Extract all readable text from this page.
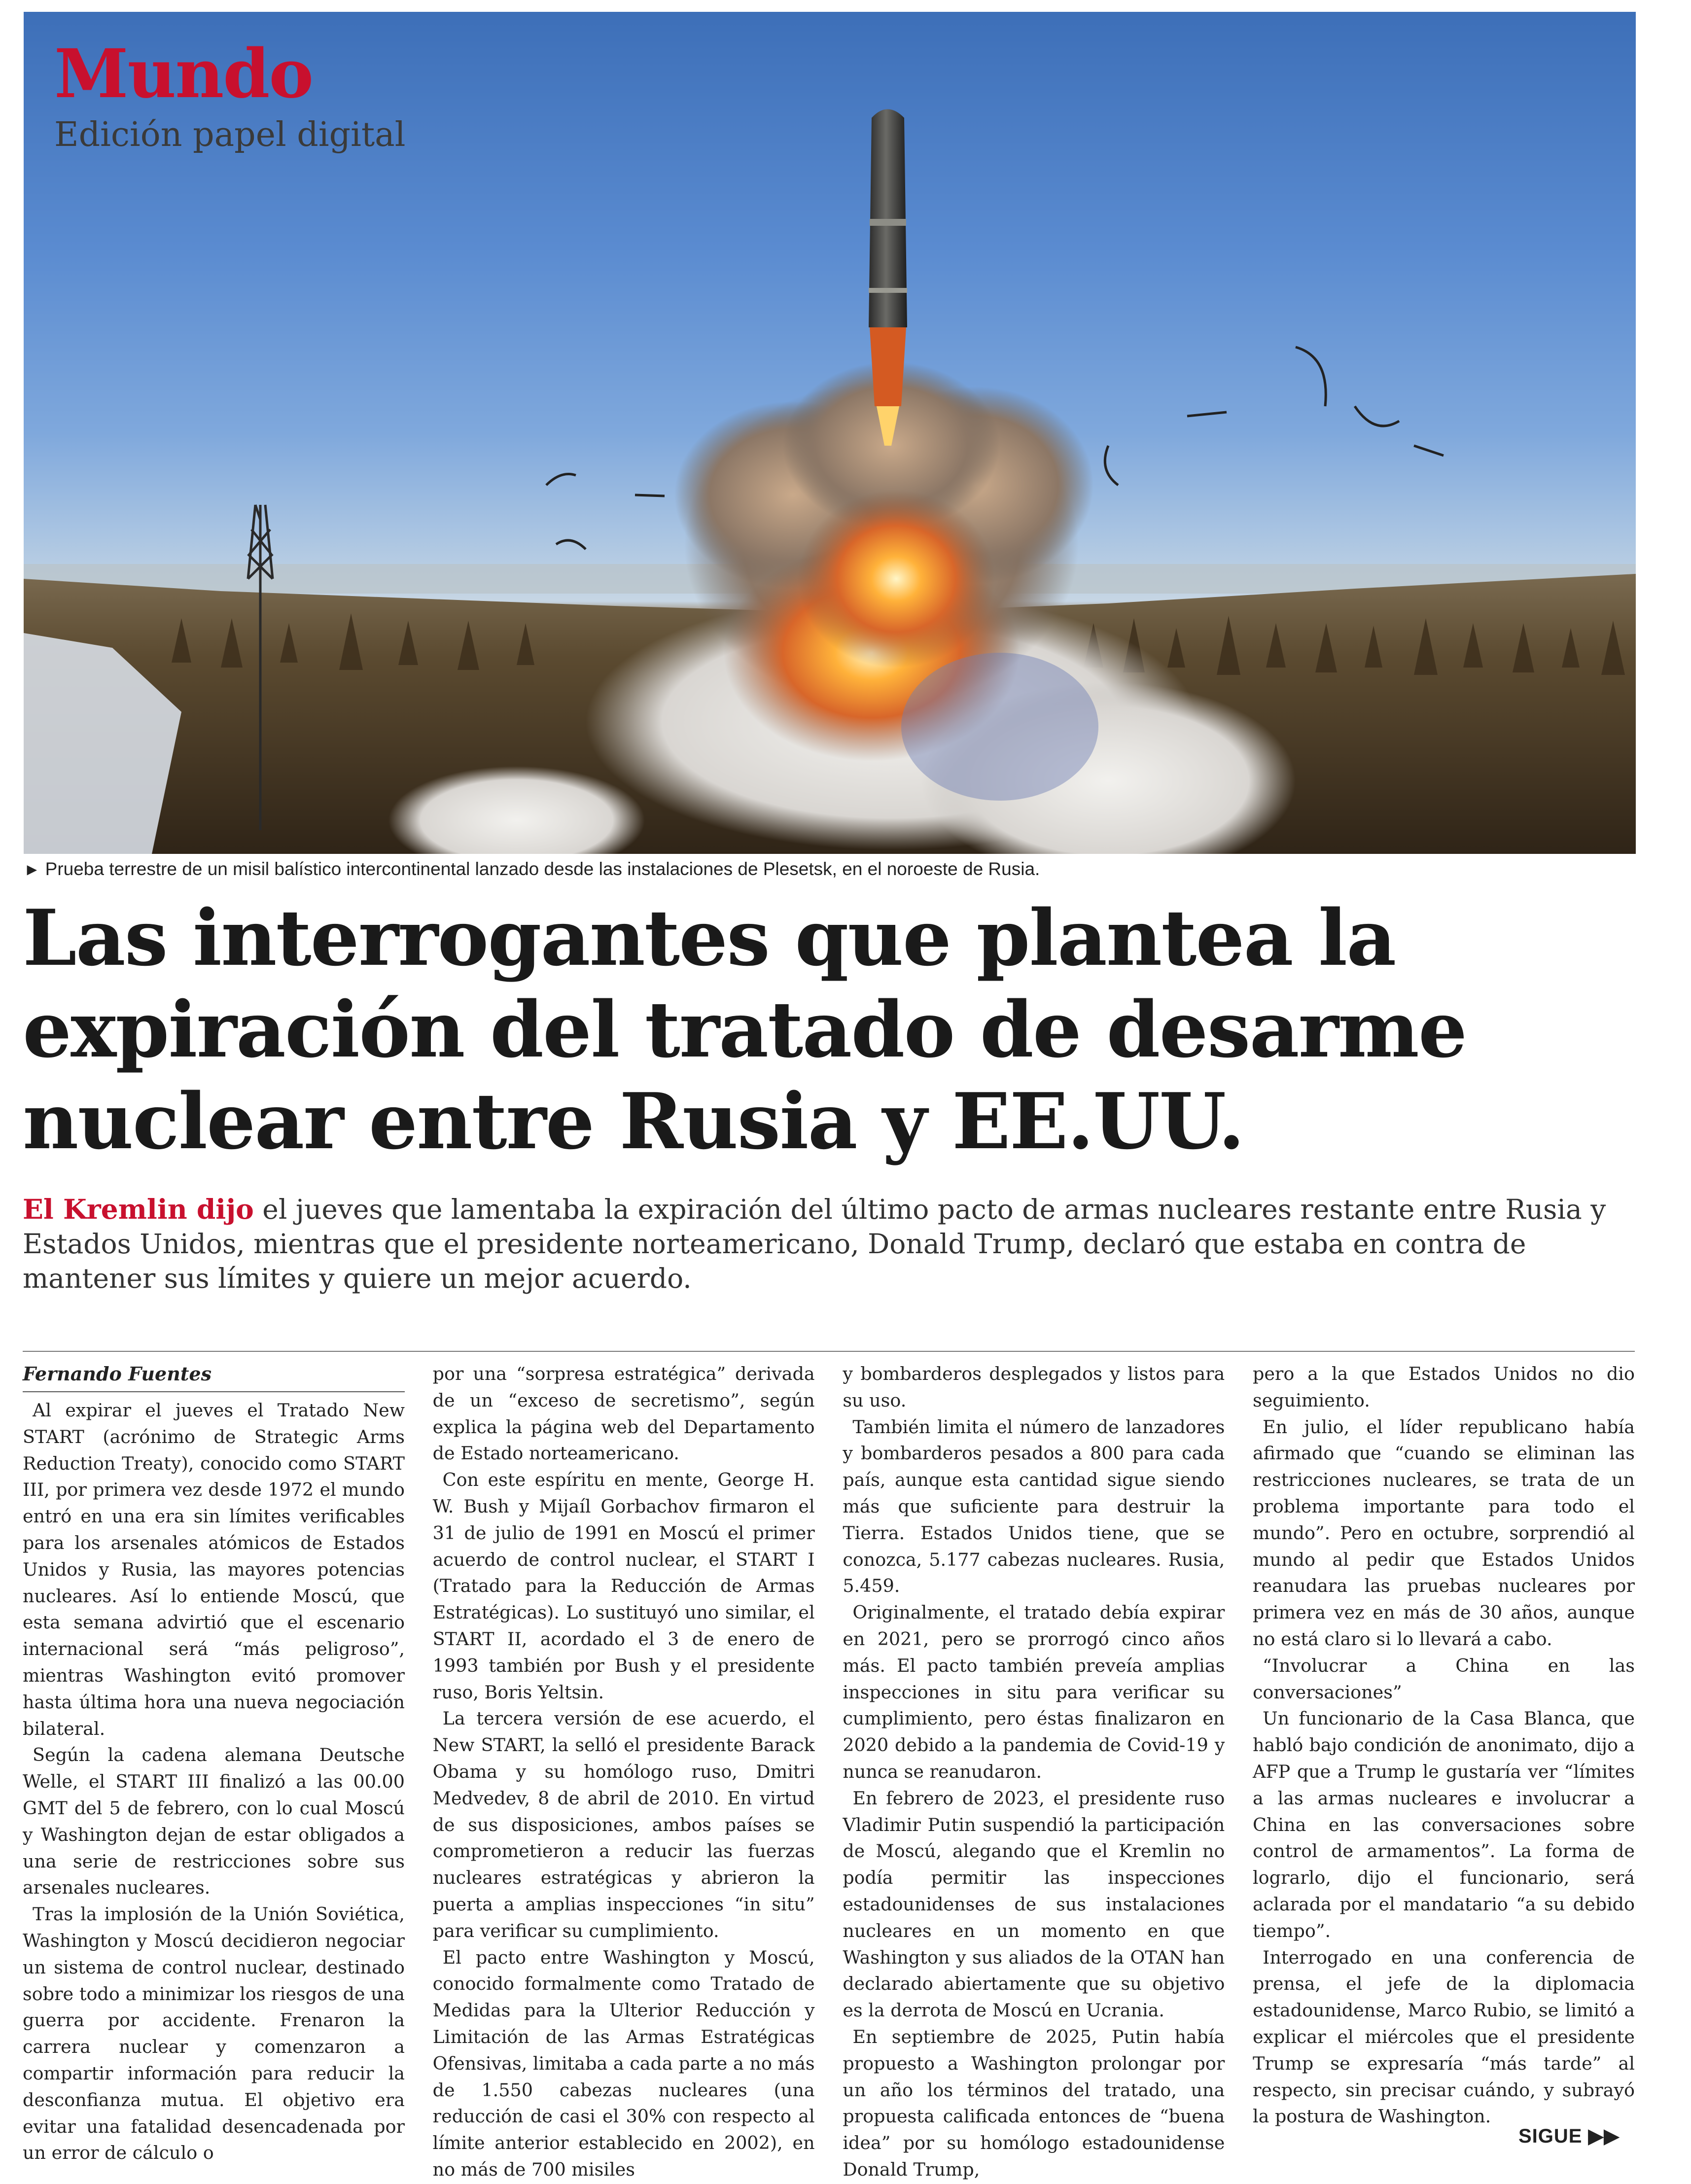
Mundo

Edición papel digital

► Prueba terrestre de un misil balístico intercontinental lanzado desde las instalaciones de Plesetsk, en el noroeste de Rusia.
Las interrogantes que plantea la expiración del tratado de desarme nuclear entre Rusia y EE.UU.

El Kremlin dijo el jueves que lamentaba la expiración del último pacto de armas nucleares restante entre Rusia y Estados Unidos, mientras que el presidente norteamericano, Donald Trump, declaró que estaba en contra de mantener sus límites y quiere un mejor acuerdo.

Fernando Fuentes

Al expirar el jueves el Tratado New START (acrónimo de Strategic Arms Reduction Treaty), conocido como START III, por primera vez desde 1972 el mundo entró en una era sin límites verificables para los arsenales atómicos de Estados Unidos y Rusia, las mayores potencias nucleares. Así lo entiende Moscú, que esta semana advirtió que el escenario internacional será “más peligroso”, mientras Washington evitó promover hasta última hora una nueva negociación bilateral.

Según la cadena alemana Deutsche Welle, el START III finalizó a las 00.00 GMT del 5 de febrero, con lo cual Moscú y Washington dejan de estar obligados a una serie de restricciones sobre sus arsenales nucleares.

Tras la implosión de la Unión Soviética, Washington y Moscú decidieron negociar un sistema de control nuclear, destinado sobre todo a minimizar los riesgos de una guerra por accidente. Frenaron la carrera nuclear y comenzaron a compartir información para reducir la desconfianza mutua. El objetivo era evitar una fatalidad desencadenada por un error de cálculo o

por una “sorpresa estratégica” derivada de un “exceso de secretismo”, según explica la página web del Departamento de Estado norteamericano.

Con este espíritu en mente, George H. W. Bush y Mijaíl Gorbachov firmaron el 31 de julio de 1991 en Moscú el primer acuerdo de control nuclear, el START I (Tratado para la Reducción de Armas Estratégicas). Lo sustituyó uno similar, el START II, acordado el 3 de enero de 1993 también por Bush y el presidente ruso, Boris Yeltsin.

La tercera versión de ese acuerdo, el New START, la selló el presidente Barack Obama y su homólogo ruso, Dmitri Medvedev, 8 de abril de 2010. En virtud de sus disposiciones, ambos países se comprometieron a reducir las fuerzas nucleares estratégicas y abrieron la puerta a amplias inspecciones “in situ” para verificar su cumplimiento.

El pacto entre Washington y Moscú, conocido formalmente como Tratado de Medidas para la Ulterior Reducción y Limitación de las Armas Estratégicas Ofensivas, limitaba a cada parte a no más de 1.550 cabezas nucleares (una reducción de casi el 30% con respecto al límite anterior establecido en 2002), en no más de 700 misiles

y bombarderos desplegados y listos para su uso.

También limita el número de lanzadores y bombarderos pesados a 800 para cada país, aunque esta cantidad sigue siendo más que suficiente para destruir la Tierra. Estados Unidos tiene, que se conozca, 5.177 cabezas nucleares. Rusia, 5.459.

Originalmente, el tratado debía expirar en 2021, pero se prorrogó cinco años más. El pacto también preveía amplias inspecciones in situ para verificar su cumplimiento, pero éstas finalizaron en 2020 debido a la pandemia de Covid-19 y nunca se reanudaron.

En febrero de 2023, el presidente ruso Vladimir Putin suspendió la participación de Moscú, alegando que el Kremlin no podía permitir las inspecciones estadounidenses de sus instalaciones nucleares en un momento en que Washington y sus aliados de la OTAN han declarado abiertamente que su objetivo es la derrota de Moscú en Ucrania.

En septiembre de 2025, Putin había propuesto a Washington prolongar por un año los términos del tratado, una propuesta calificada entonces de “buena idea” por su homólogo estadounidense Donald Trump,

pero a la que Estados Unidos no dio seguimiento.

En julio, el líder republicano había afirmado que “cuando se eliminan las restricciones nucleares, se trata de un problema importante para todo el mundo”. Pero en octubre, sorprendió al mundo al pedir que Estados Unidos reanudara las pruebas nucleares por primera vez en más de 30 años, aunque no está claro si lo llevará a cabo.

“Involucrar a China en las conversaciones”

Un funcionario de la Casa Blanca, que habló bajo condición de anonimato, dijo a AFP que a Trump le gustaría ver “límites a las armas nucleares e involucrar a China en las conversaciones sobre control de armamentos”. La forma de lograrlo, dijo el funcionario, será aclarada por el mandatario “a su debido tiempo”.

Interrogado en una conferencia de prensa, el jefe de la diplomacia estadounidense, Marco Rubio, se limitó a explicar el miércoles que el presidente Trump se expresaría “más tarde” al respecto, sin precisar cuándo, y subrayó la postura de Washington.

SIGUE ▶▶
